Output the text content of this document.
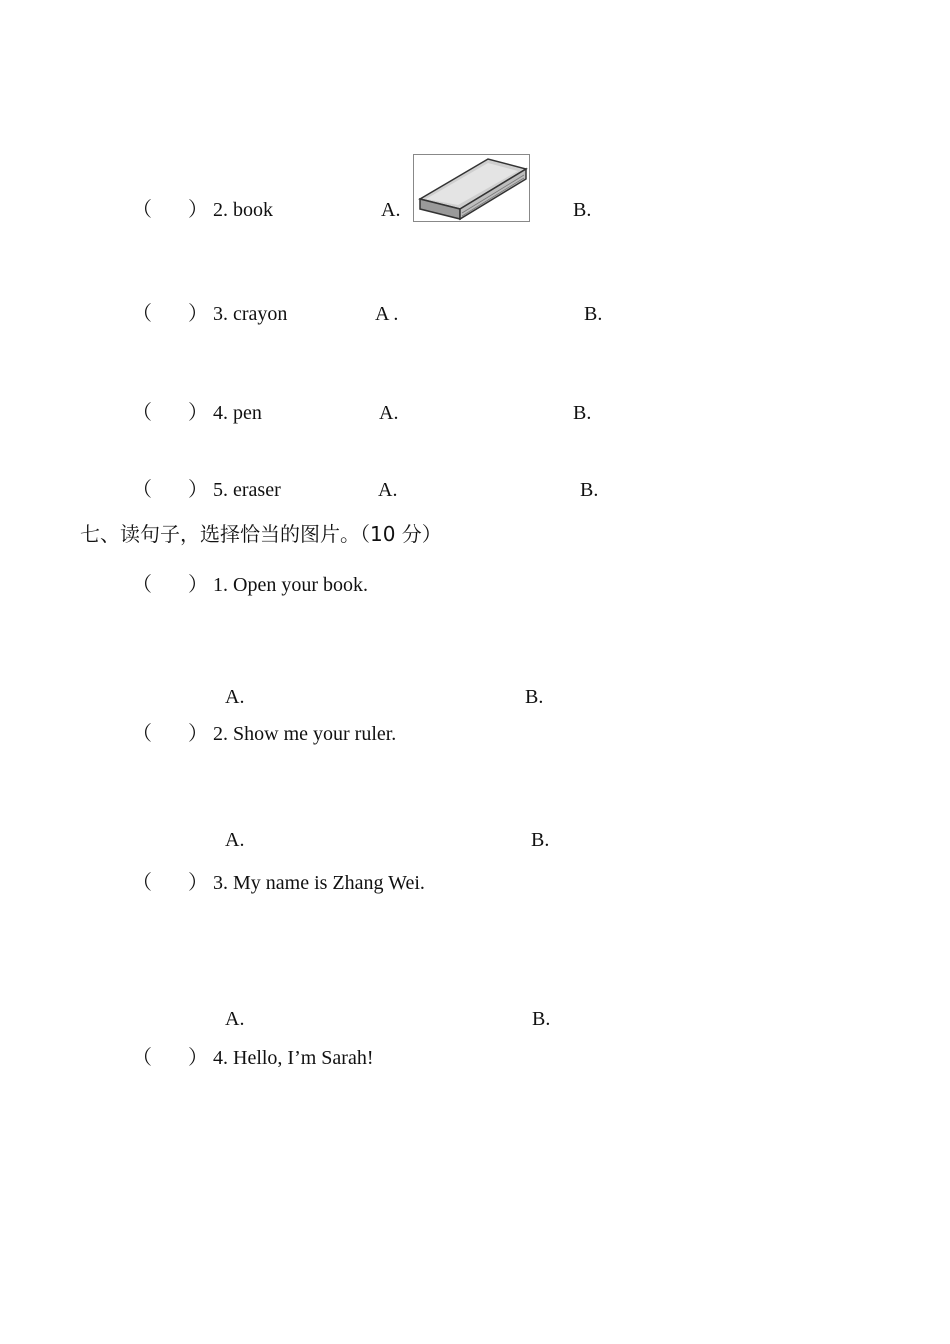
（ ） 2. book	A.	B.
（ ） 3. crayon	A .	B.
（ ） 4. pen	A.	B.
（ ） 5. eraser	A.	B.
七、读句子，选择恰当的图片。（10 分）
（ ） 1. Open your book.
A.	B.
（ ） 2. Show me your ruler.
A.	B.
（ ） 3. My name is Zhang Wei.
A.	B.
（ ） 4. Hello, I’m Sarah!
